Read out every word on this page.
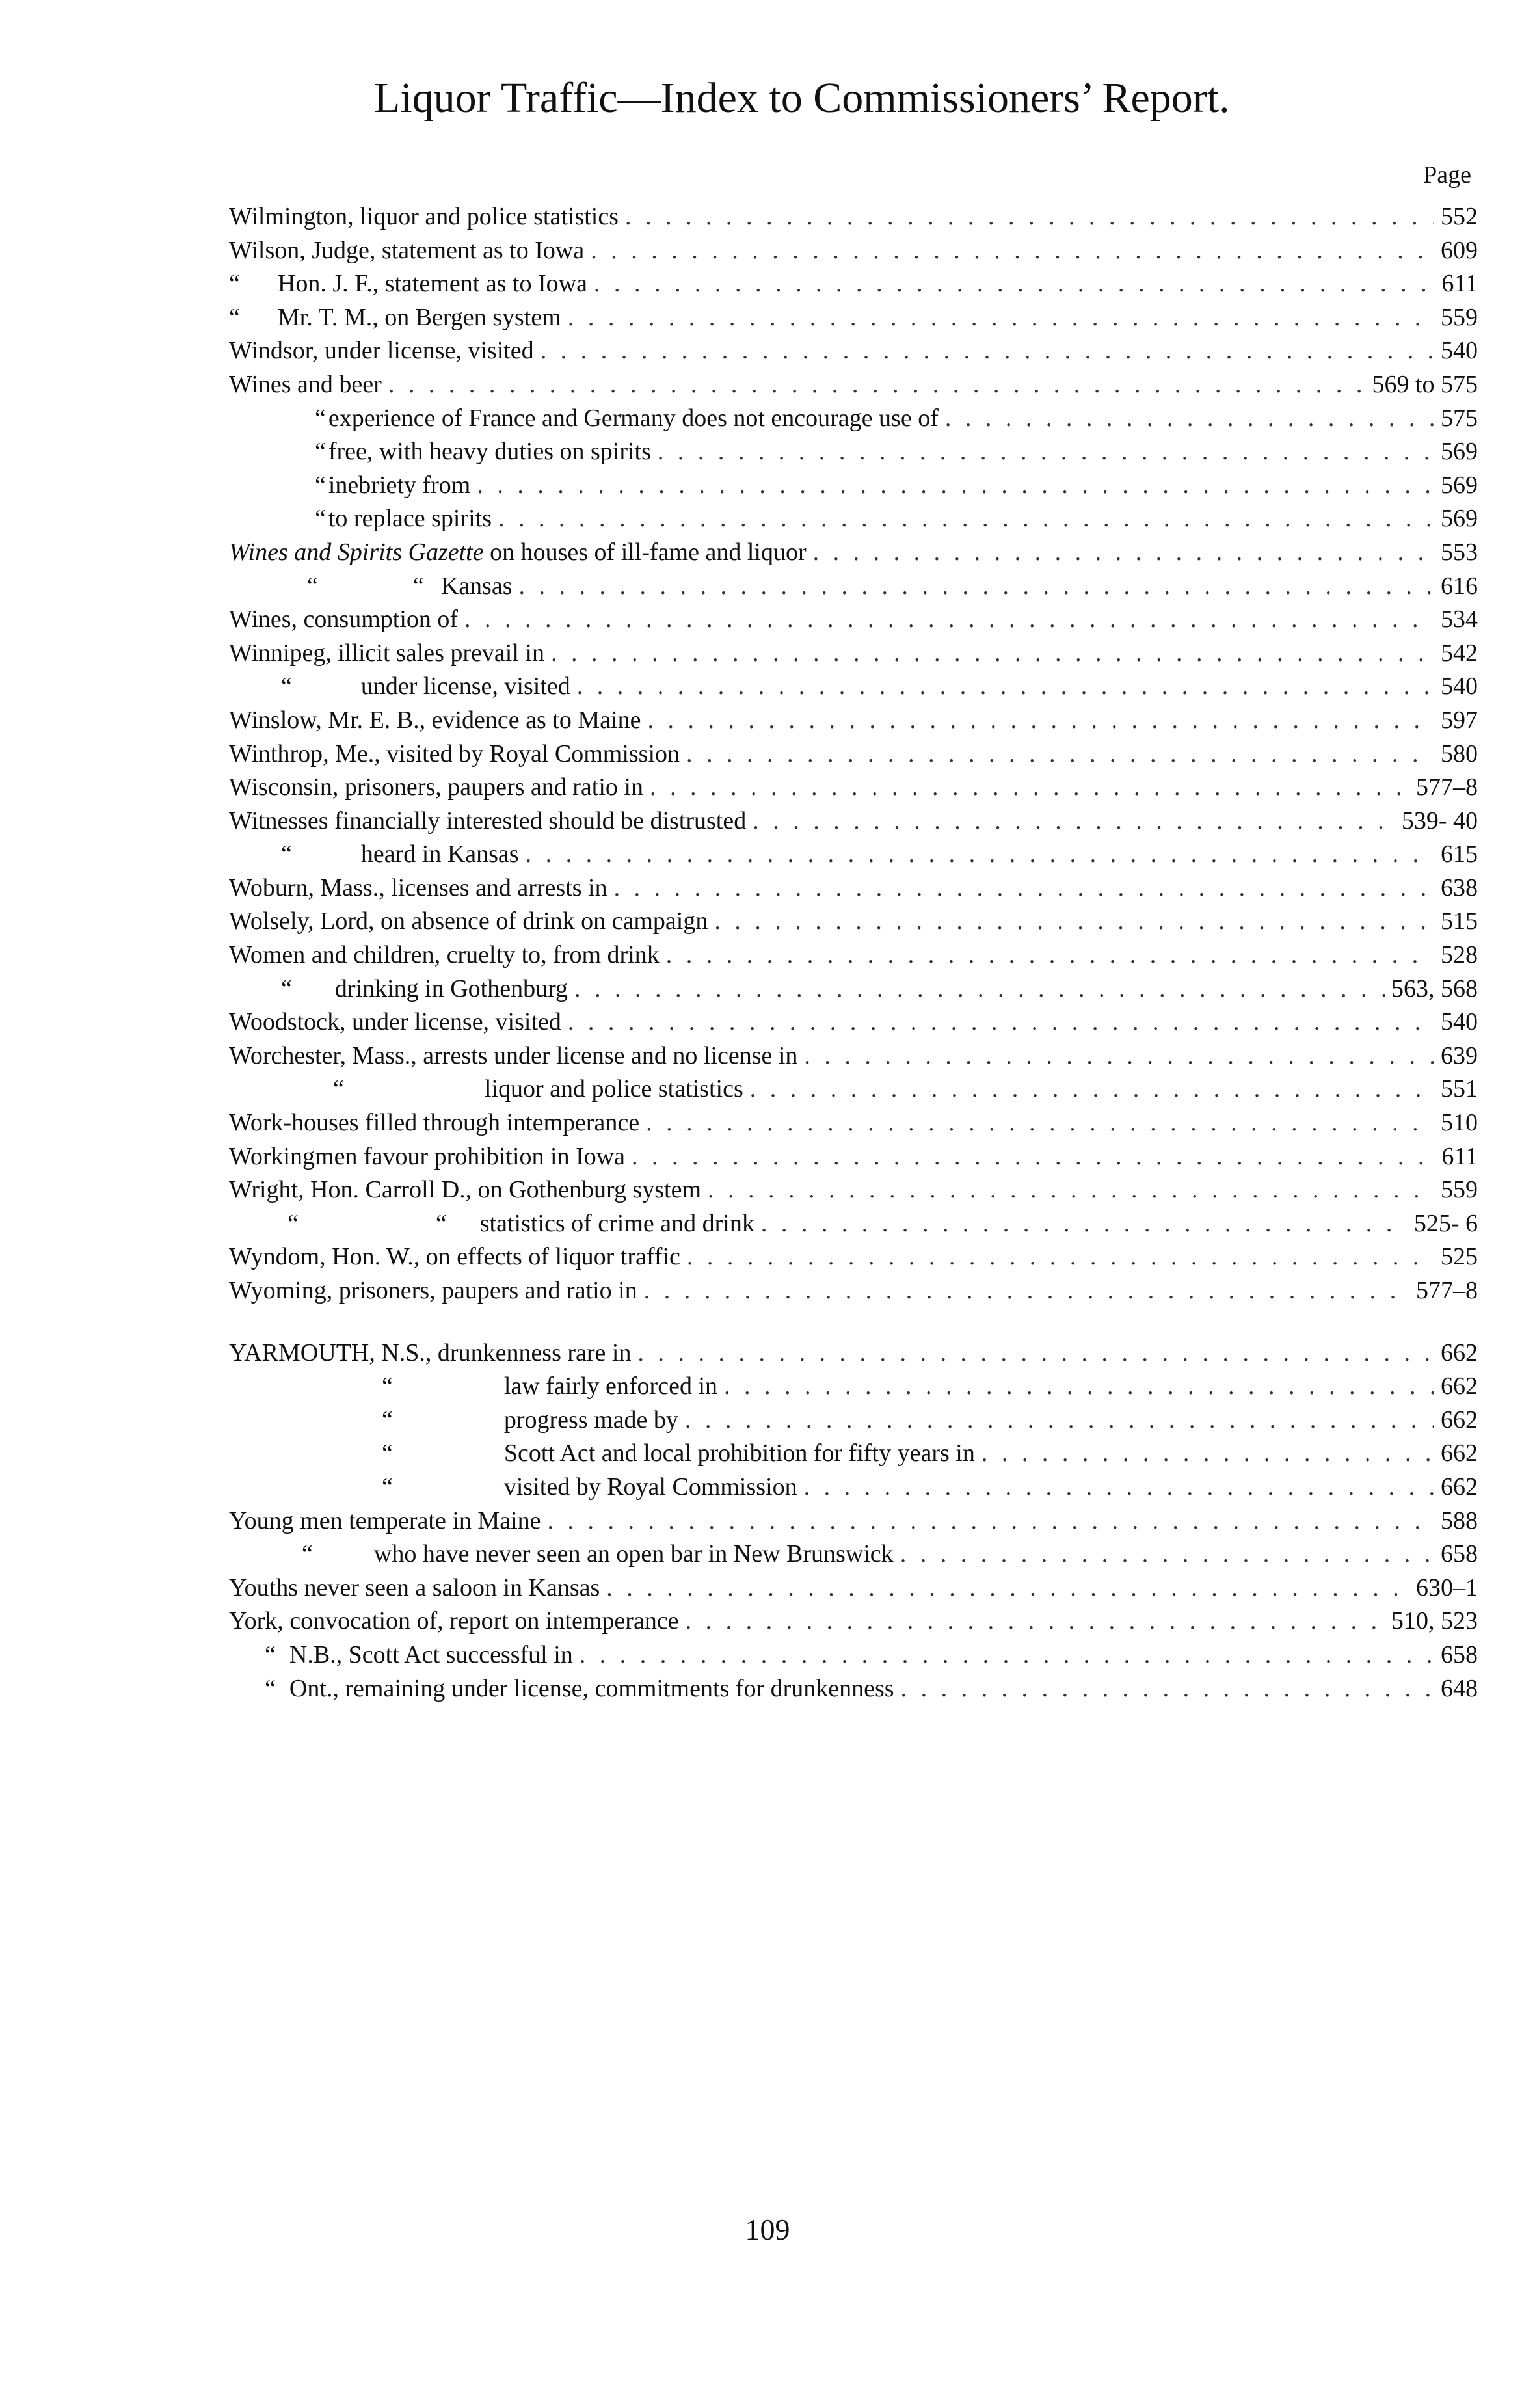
Liquor Traffic—Index to Commissioners’ Report.
Page
Wilmington, liquor and police statistics . . .	552
Wilson, Judge, statement as to Iowa . . .	609
“ Hon. J. F., statement as to Iowa . . .	611
“ Mr. T. M., on Bergen system . . .	559
Windsor, under license, visited . . .	540
Wines and beer . . .	569 to 575
“ experience of France and Germany does not encourage use of . . .	575
“ free, with heavy duties on spirits . . .	569
“ inebriety from . . .	569
“ to replace spirits . . .	569
Wines and Spirits Gazette on houses of ill-fame and liquor . . .	553
“	“ Kansas . . .	616
Wines, consumption of . . .	534
Winnipeg, illicit sales prevail in . . .	542
“	under license, visited . . .	540
Winslow, Mr. E. B., evidence as to Maine . . .	597
Winthrop, Me., visited by Royal Commission . . .	580
Wisconsin, prisoners, paupers and ratio in . . .	577–8
Witnesses financially interested should be distrusted . . .	539- 40
“	heard in Kansas . . .	615
Woburn, Mass., licenses and arrests in . . .	638
Wolsely, Lord, on absence of drink on campaign . . .	515
Women and children, cruelty to, from drink . . .	528
“ drinking in Gothenburg . . .	563, 568
Woodstock, under license, visited . . .	540
Worchester, Mass., arrests under license and no license in . . .	639
“	liquor and police statistics . . .	551
Work-houses filled through intemperance . . .	510
Workingmen favour prohibition in Iowa . . .	611
Wright, Hon. Carroll D., on Gothenburg system . . .	559
“	“ statistics of crime and drink . . .	525- 6
Wyndom, Hon. W., on effects of liquor traffic . . .	525
Wyoming, prisoners, paupers and ratio in . . .	577–8
YARMOUTH, N.S., drunkenness rare in . . .	662
“	law fairly enforced in . . .	662
“	progress made by . . .	662
“	Scott Act and local prohibition for fifty years in . . .	662
“	visited by Royal Commission . . .	662
Young men temperate in Maine . . .	588
“ who have never seen an open bar in New Brunswick . . .	658
Youths never seen a saloon in Kansas . . .	630–1
York, convocation of, report on intemperance . . .	510, 523
“ N.B., Scott Act successful in . . .	658
“ Ont., remaining under license, commitments for drunkenness . . .	648
109
